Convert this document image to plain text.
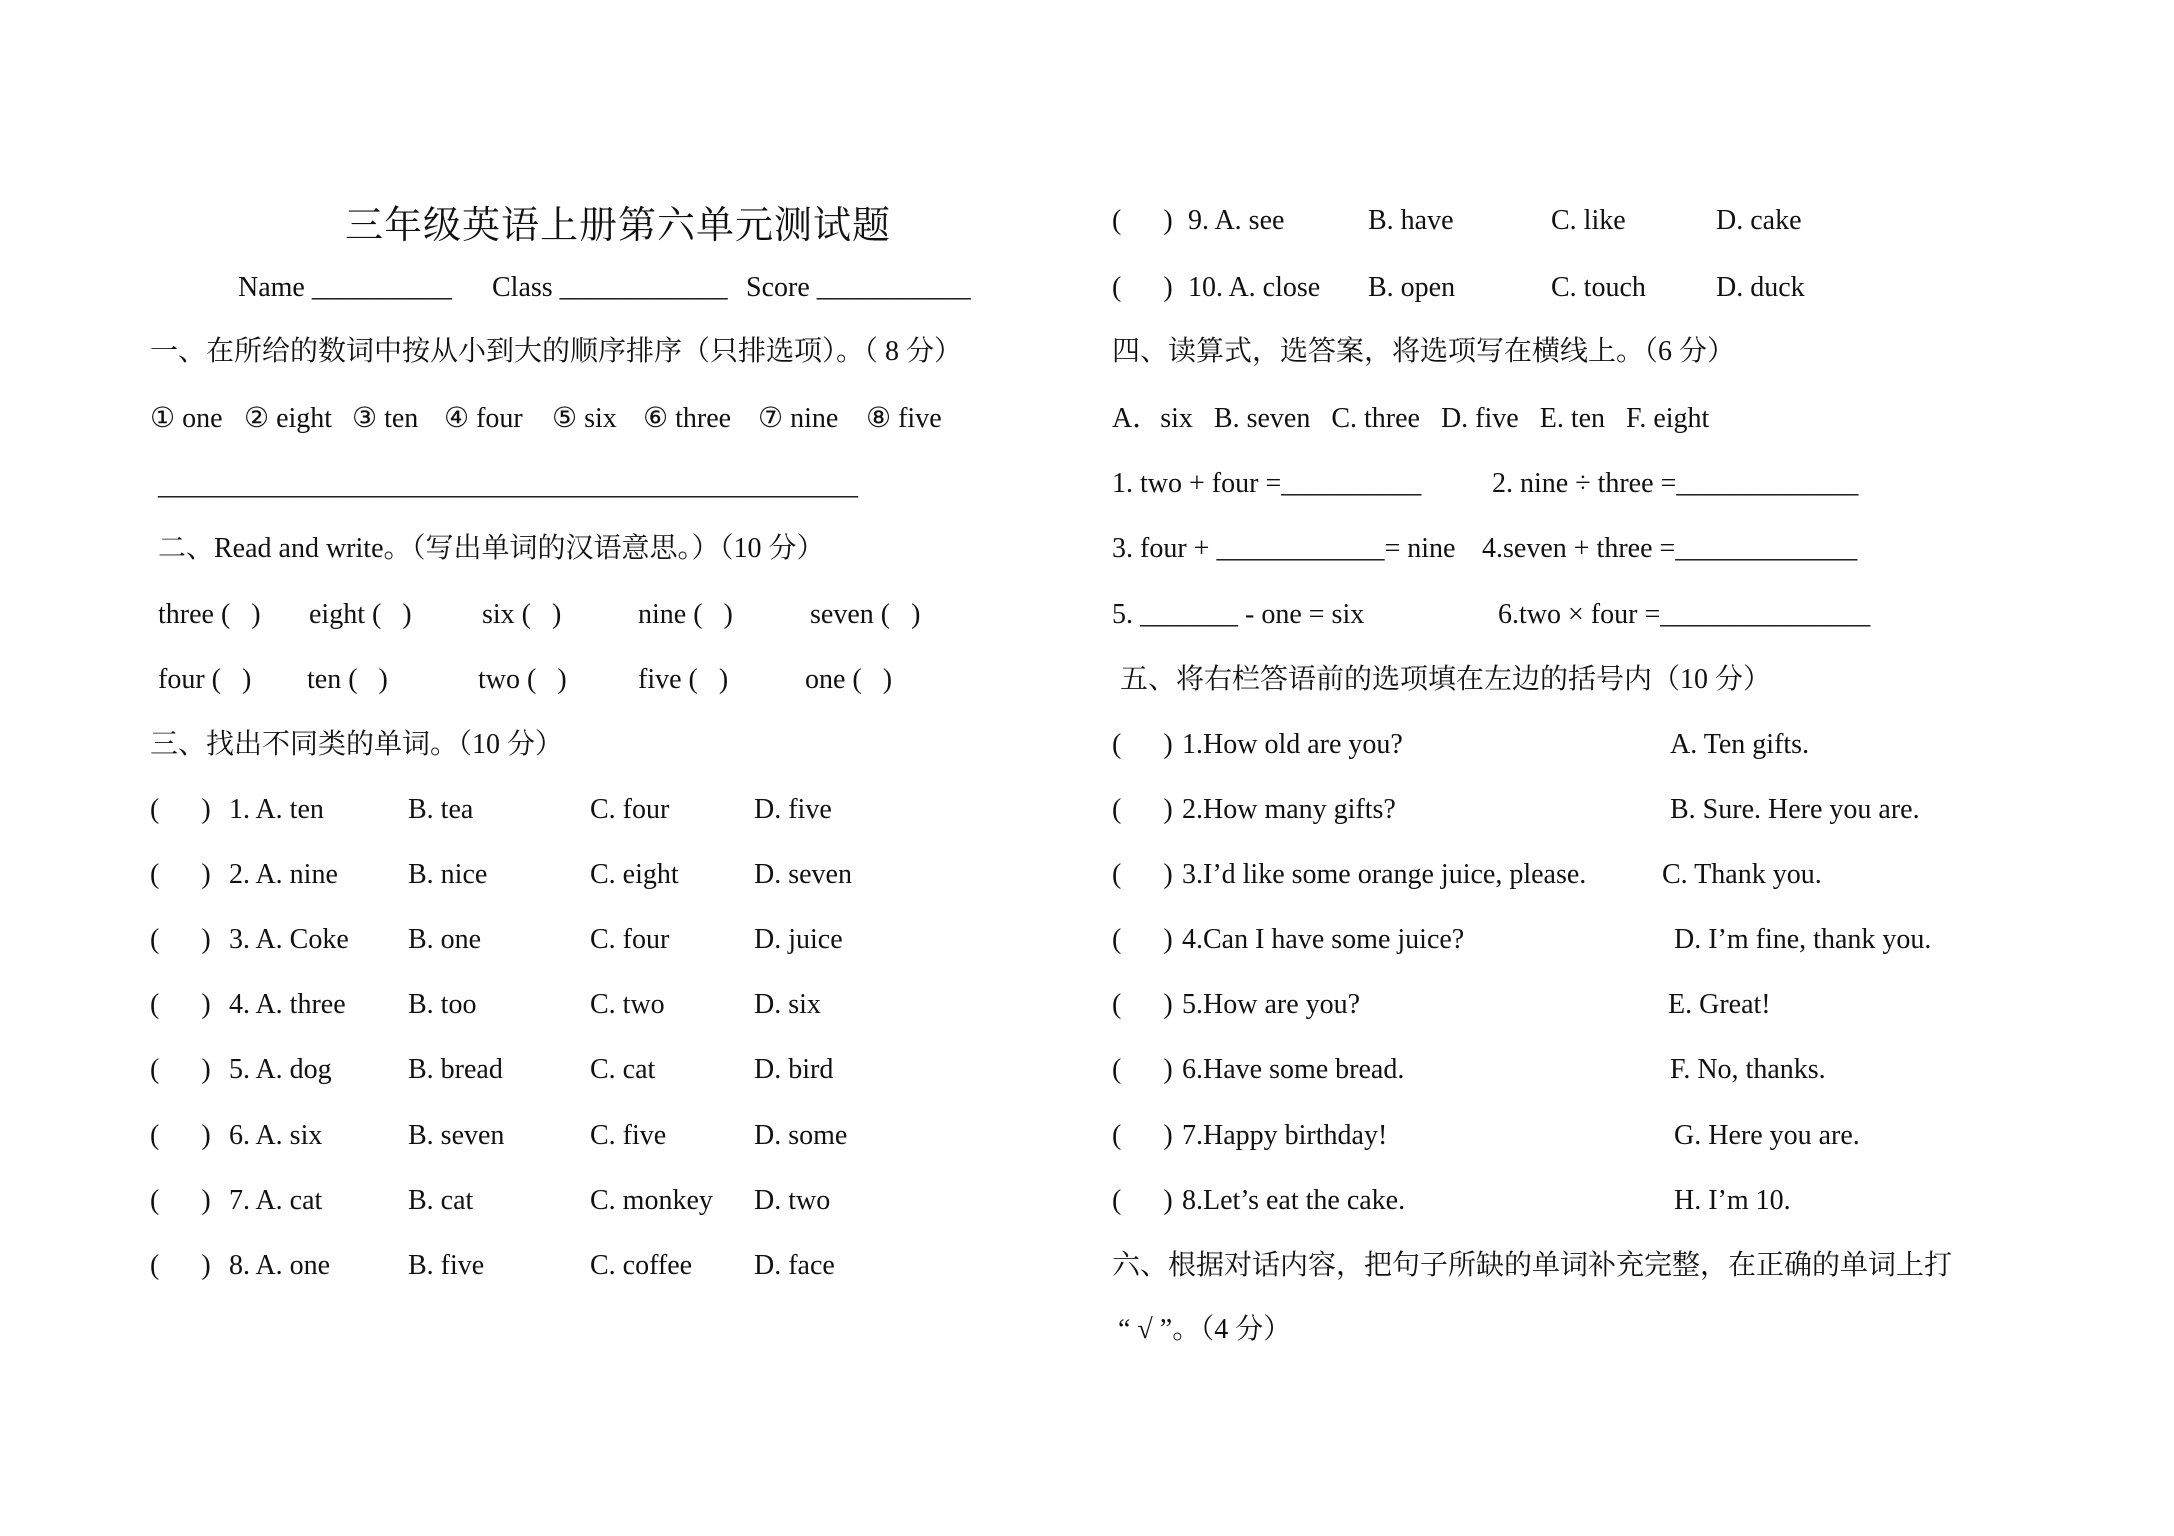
三年级英语上册第六单元测试题
Name __________ Class ____________ Score ___________
一、在所给的数词中按从小到大的顺序排序（只排选项）。（ 8 分）
① one ② eight ③ ten ④ four ⑤ six ⑥ three ⑦ nine ⑧ five
__________________________________________________
二、Read and write。（写出单词的汉语意思。）（10 分）
three (   ) eight (   )	six (   )	nine (   )	seven (   )
four (   ) ten (   )	two (   )	five (   )	one (   )
三、找出不同类的单词。（10 分）
(      ) 1. A. ten	B. tea	C. four	D. five
(      ) 2. A. nine	B. nice	C. eight	D. seven
(      ) 3. A. Coke B. one	C. four	D. juice
(      ) 4. A. three B. too	C. two	D. six
(      ) 5. A. dog	B. bread	C. cat	D. bird
(      ) 6. A. six	B. seven	C. five	D. some
(      ) 7. A. cat	B. cat	C. monkey D. two
(      ) 8. A. one	B. five	C. coffee D. face
(      ) 9. A. see	B. have	C. like	D. cake
(      ) 10. A. close B. open	C. touch	D. duck
四、读算式，选答案，将选项写在横线上。（6 分）
A．six   B. seven   C. three   D. five   E. ten   F. eight
1. two + four =__________	2. nine ÷ three =_____________
3. four + ____________= nine 4.seven + three =_____________
5. _______ - one = six	6.two × four =_______________
五、将右栏答语前的选项填在左边的括号内（10 分）
(      ) 1.How old are you?	A. Ten gifts.
(      ) 2.How many gifts?	B. Sure. Here you are.
(      ) 3.I’d like some orange juice, please.	C. Thank you.
(      ) 4.Can I have some juice?	D. I’m fine, thank you.
(      ) 5.How are you?	E. Great!
(      ) 6.Have some bread.	F. No, thanks.
(      ) 7.Happy birthday!	G. Here you are.
(      ) 8.Let’s eat the cake.	H. I’m 10.
六、根据对话内容，把句子所缺的单词补充完整，在正确的单词上打
“ √ ”。（4 分）
